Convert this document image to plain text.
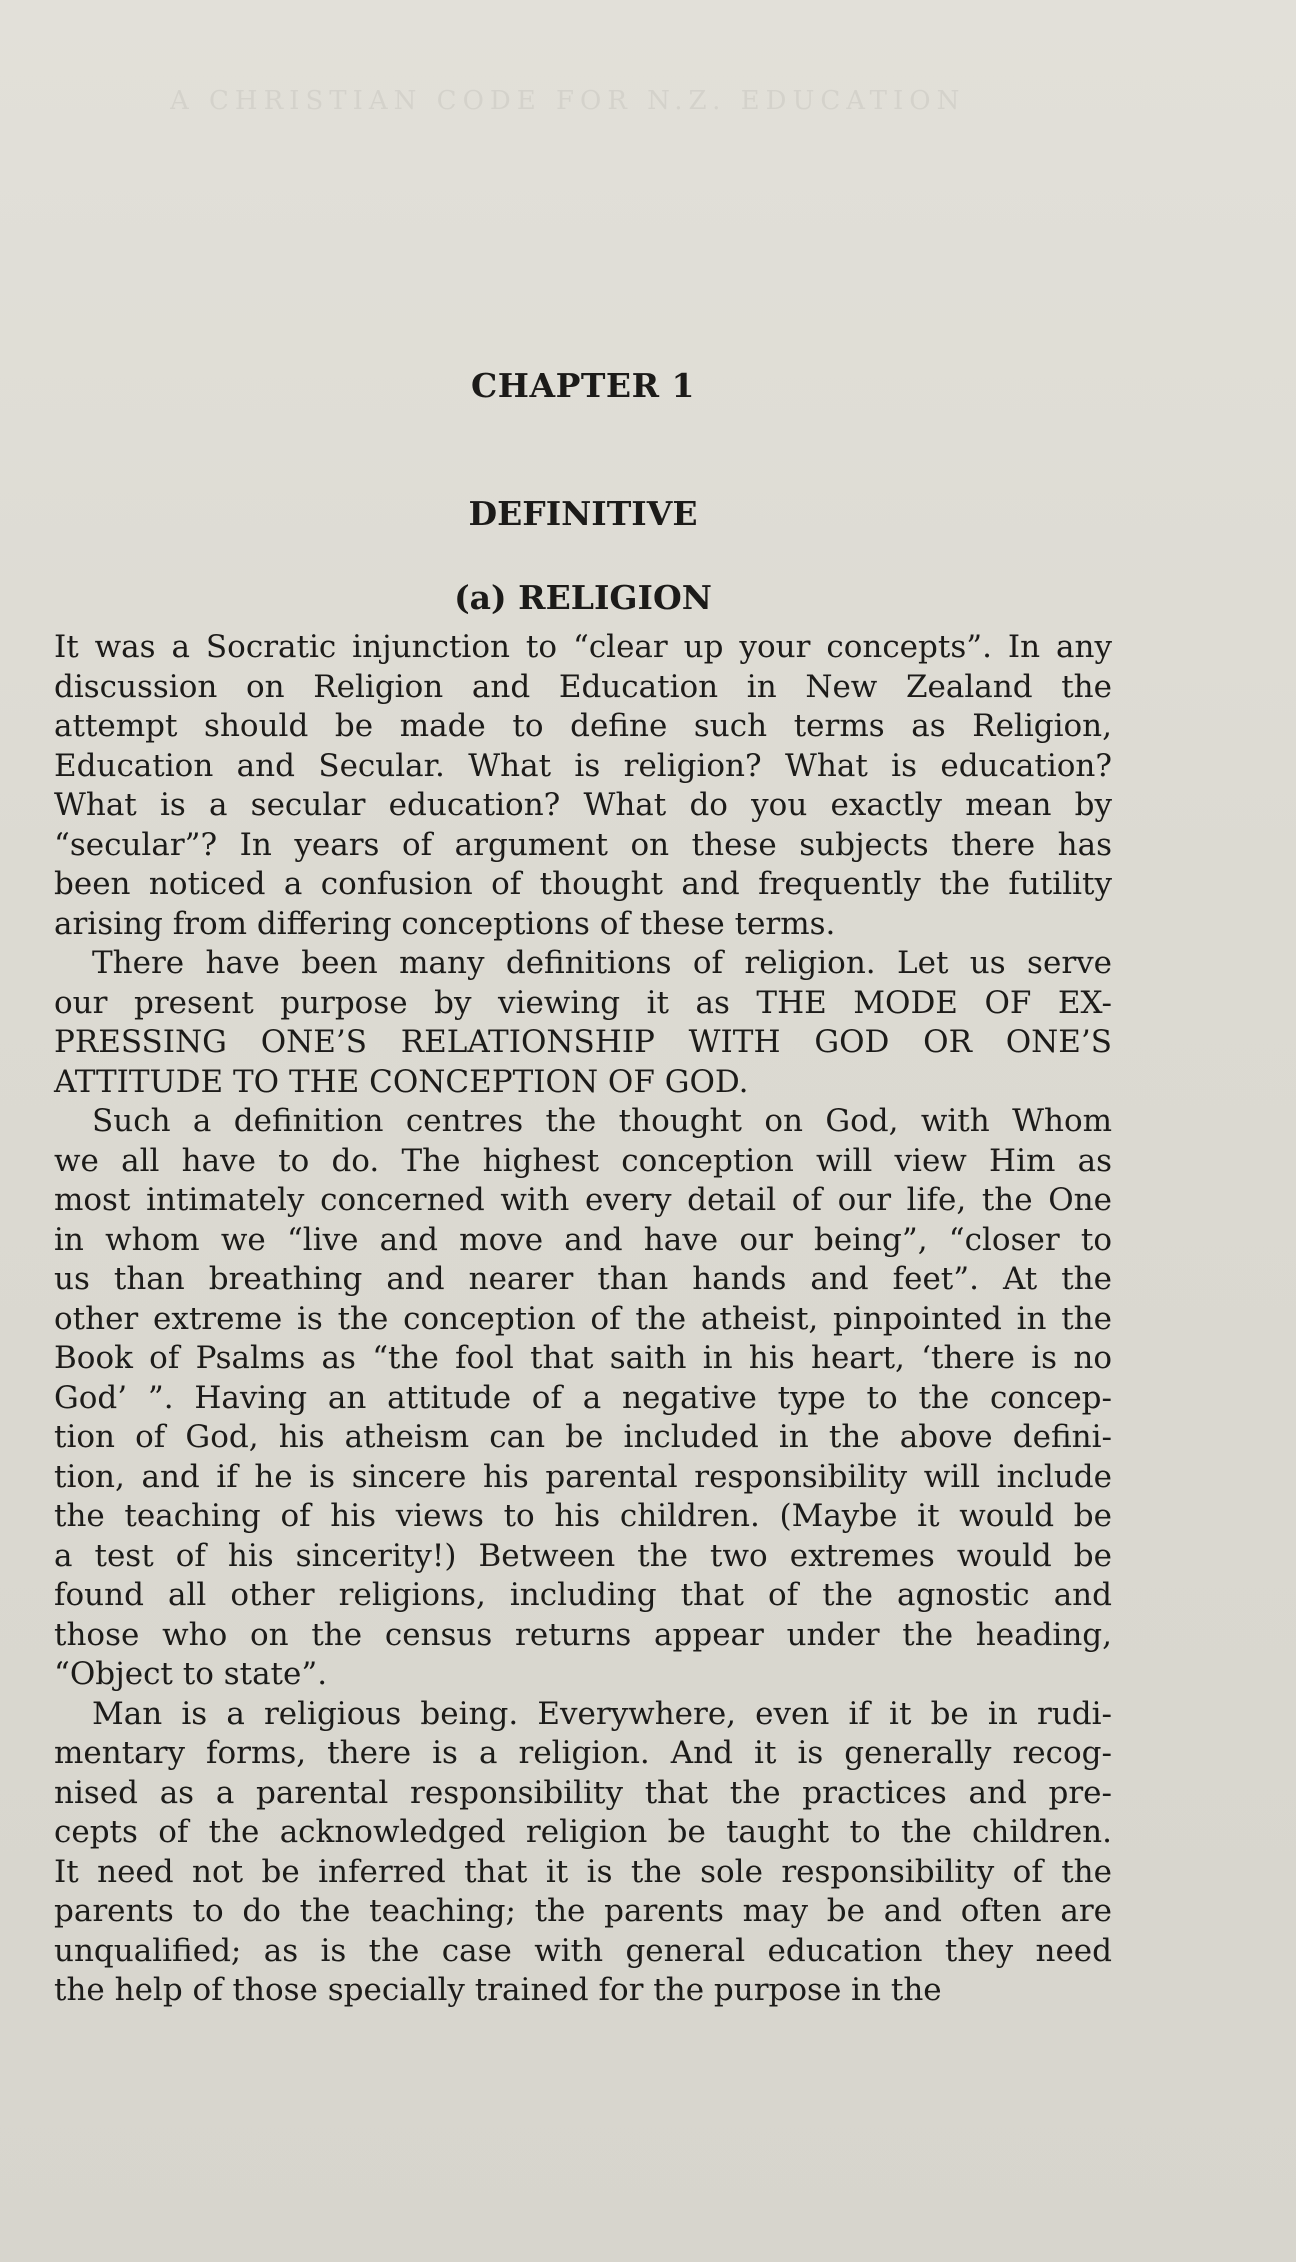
A CHRISTIAN CODE FOR N.Z. EDUCATION
CHAPTER 1
DEFINITIVE
(a) RELIGION
It was a Socratic injunction to “clear up your concepts”. In any
discussion on Religion and Education in New Zealand the
attempt should be made to define such terms as Religion,
Education and Secular. What is religion? What is education?
What is a secular education? What do you exactly mean by
“secular”? In years of argument on these subjects there has
been noticed a confusion of thought and frequently the futility
arising from differing conceptions of these terms.
There have been many definitions of religion. Let us serve
our present purpose by viewing it as THE MODE OF EX-
PRESSING ONE’S RELATIONSHIP WITH GOD OR ONE’S
ATTITUDE TO THE CONCEPTION OF GOD.
Such a definition centres the thought on God, with Whom
we all have to do. The highest conception will view Him as
most intimately concerned with every detail of our life, the One
in whom we “live and move and have our being”, “closer to
us than breathing and nearer than hands and feet”. At the
other extreme is the conception of the atheist, pinpointed in the
Book of Psalms as “the fool that saith in his heart, ‘there is no
God’ ”. Having an attitude of a negative type to the concep-
tion of God, his atheism can be included in the above defini-
tion, and if he is sincere his parental responsibility will include
the teaching of his views to his children. (Maybe it would be
a test of his sincerity!) Between the two extremes would be
found all other religions, including that of the agnostic and
those who on the census returns appear under the heading,
“Object to state”.
Man is a religious being. Everywhere, even if it be in rudi-
mentary forms, there is a religion. And it is generally recog-
nised as a parental responsibility that the practices and pre-
cepts of the acknowledged religion be taught to the children.
It need not be inferred that it is the sole responsibility of the
parents to do the teaching; the parents may be and often are
unqualified; as is the case with general education they need
the help of those specially trained for the purpose in the
